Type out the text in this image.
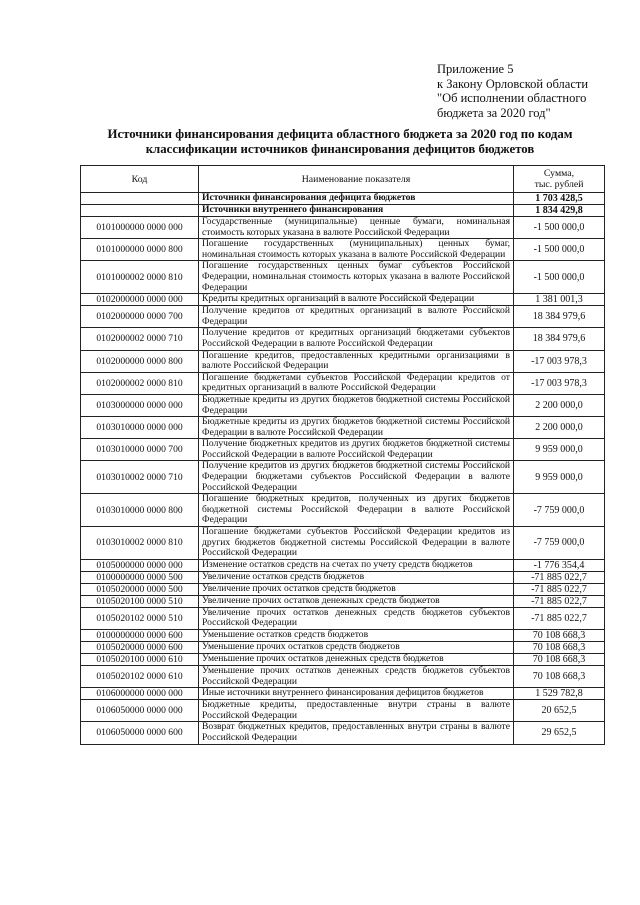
Приложение 5
к Закону Орловской области
"Об исполнении областного
бюджета за 2020 год"
Источники финансирования дефицита областного бюджета за 2020 год по кодам
классификации источников финансирования дефицитов бюджетов
Код	Наименование показателя	Сумма,
тыс. рублей

	Источники финансирования дефицита бюджетов	1 703 428,5
	Источники внутреннего финансирования	1 834 429,8
0101000000 0000 000	Государственные (муниципальные) ценные бумаги, номинальная стоимость которых указана в валюте Российской Федерации	-1 500 000,0
0101000000 0000 800	Погашение государственных (муниципальных) ценных бумаг, номинальная стоимость которых указана в валюте Российской Федерации	-1 500 000,0
0101000002 0000 810	Погашение государственных ценных бумаг субъектов Российской Федерации, номинальная стоимость которых указана в валюте Российской Федерации	-1 500 000,0
0102000000 0000 000	Кредиты кредитных организаций в валюте Российской Федерации	1 381 001,3
0102000000 0000 700	Получение кредитов от кредитных организаций в валюте Российской Федерации	18 384 979,6
0102000002 0000 710	Получение кредитов от кредитных организаций бюджетами субъектов Российской Федерации в валюте Российской Федерации	18 384 979,6
0102000000 0000 800	Погашение кредитов, предоставленных кредитными организациями в валюте Российской Федерации	-17 003 978,3
0102000002 0000 810	Погашение бюджетами субъектов Российской Федерации кредитов от кредитных организаций в валюте Российской Федерации	-17 003 978,3
0103000000 0000 000	Бюджетные кредиты из других бюджетов бюджетной системы Российской Федерации	2 200 000,0
0103010000 0000 000	Бюджетные кредиты из других бюджетов бюджетной системы Российской Федерации в валюте Российской Федерации	2 200 000,0
0103010000 0000 700	Получение бюджетных кредитов из других бюджетов бюджетной системы Российской Федерации в валюте Российской Федерации	9 959 000,0
0103010002 0000 710	Получение кредитов из других бюджетов бюджетной системы Российской Федерации бюджетами субъектов Российской Федерации в валюте Российской Федерации	9 959 000,0
0103010000 0000 800	Погашение бюджетных кредитов, полученных из других бюджетов бюджетной системы Российской Федерации в валюте Российской Федерации	-7 759 000,0
0103010002 0000 810	Погашение бюджетами субъектов Российской Федерации кредитов из других бюджетов бюджетной системы Российской Федерации в валюте Российской Федерации	-7 759 000,0
0105000000 0000 000	Изменение остатков средств на счетах по учету средств бюджетов	-1 776 354,4
0100000000 0000 500	Увеличение остатков средств бюджетов	-71 885 022,7
0105020000 0000 500	Увеличение прочих остатков средств бюджетов	-71 885 022,7
0105020100 0000 510	Увеличение прочих остатков денежных средств бюджетов	-71 885 022,7
0105020102 0000 510	Увеличение прочих остатков денежных средств бюджетов субъектов Российской Федерации	-71 885 022,7
0100000000 0000 600	Уменьшение остатков средств бюджетов	70 108 668,3
0105020000 0000 600	Уменьшение прочих остатков средств бюджетов	70 108 668,3
0105020100 0000 610	Уменьшение прочих остатков денежных средств бюджетов	70 108 668,3
0105020102 0000 610	Уменьшение прочих остатков денежных средств бюджетов субъектов Российской Федерации	70 108 668,3
0106000000 0000 000	Иные источники внутреннего финансирования дефицитов бюджетов	1 529 782,8
0106050000 0000 000	Бюджетные кредиты, предоставленные внутри страны в валюте Российской Федерации	20 652,5
0106050000 0000 600	Возврат бюджетных кредитов, предоставленных внутри страны в валюте Российской Федерации	29 652,5
